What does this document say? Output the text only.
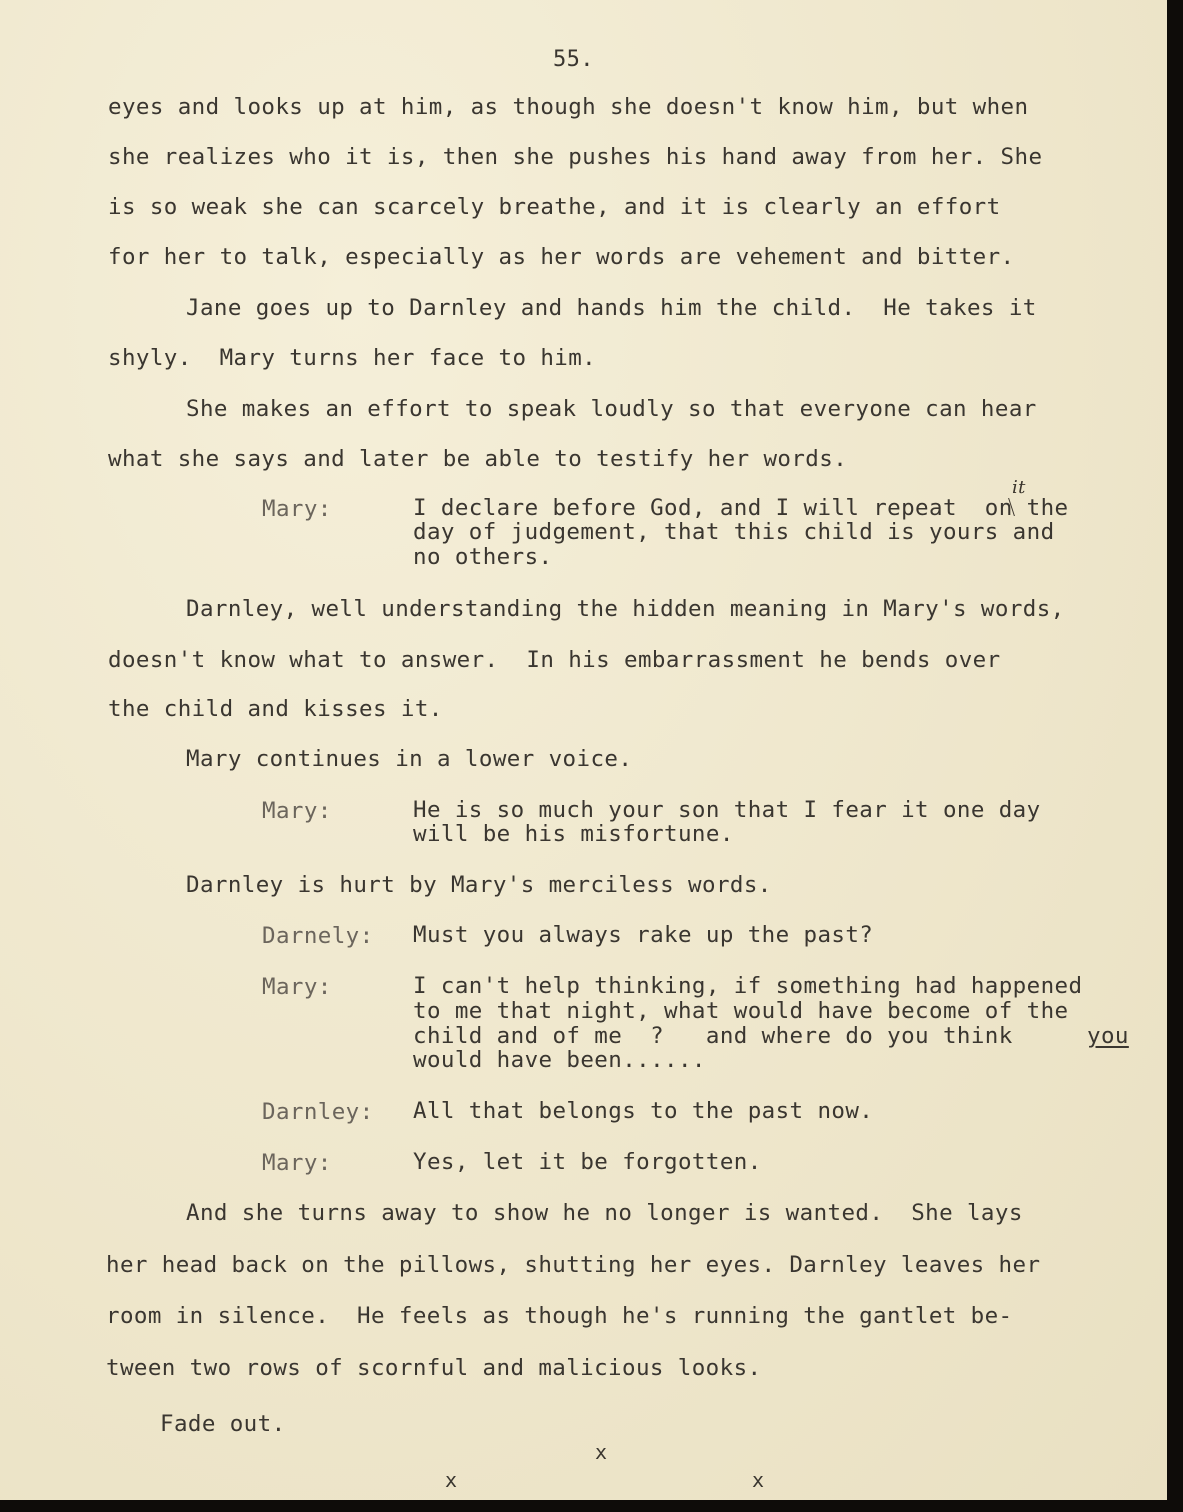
55.
eyes and looks up at him, as though she doesn't know him, but when
she realizes who it is, then she pushes his hand away from her. She
is so weak she can scarcely breathe, and it is clearly an effort
for her to talk, especially as her words are vehement and bitter.
Jane goes up to Darnley and hands him the child.  He takes it
shyly.  Mary turns her face to him.
She makes an effort to speak loudly so that everyone can hear
what she says and later be able to testify her words.
Mary:	I declare before God, and I will repeat  on the
day of judgement, that this child is yours and
no others.
it
Darnley, well understanding the hidden meaning in Mary's words,
doesn't know what to answer.  In his embarrassment he bends over
the child and kisses it.
Mary continues in a lower voice.
Mary:	He is so much your son that I fear it one day
will be his misfortune.
Darnley is hurt by Mary's merciless words.
Darnely: Must you always rake up the past?
Mary:	I can't help thinking, if something had happened
to me that night, what would have become of the
child and of me  ?   and where do you think	you
would have been......
Darnley: All that belongs to the past now.
Mary:	Yes, let it be forgotten.
And she turns away to show he no longer is wanted.  She lays
her head back on the pillows, shutting her eyes. Darnley leaves her
room in silence.  He feels as though he's running the gantlet be-
tween two rows of scornful and malicious looks.
Fade out.
x
x	x
